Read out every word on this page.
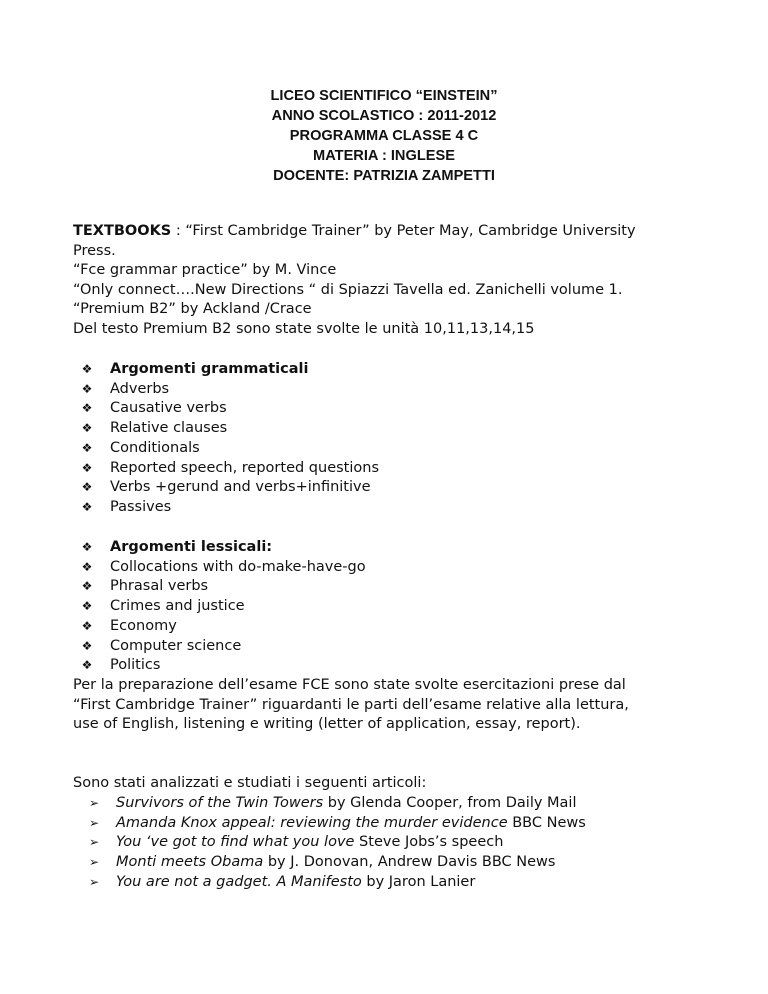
LICEO SCIENTIFICO “EINSTEIN”
ANNO SCOLASTICO : 2011-2012
PROGRAMMA CLASSE 4 C
MATERIA : INGLESE
DOCENTE: PATRIZIA ZAMPETTI

TEXTBOOKS : “First Cambridge Trainer” by Peter May, Cambridge University

Press.

“Fce grammar practice” by M. Vince

“Only connect….New Directions “ di Spiazzi Tavella ed. Zanichelli volume 1.

“Premium B2” by Ackland /Crace

Del testo Premium B2 sono state svolte le unità 10,11,13,14,15

❖ Argomenti grammaticali
❖ Adverbs
❖ Causative verbs
❖ Relative clauses
❖ Conditionals
❖ Reported speech, reported questions
❖ Verbs +gerund and verbs+infinitive
❖ Passives
❖ Argomenti lessicali:
❖ Collocations with do-make-have-go
❖ Phrasal verbs
❖ Crimes and justice
❖ Economy
❖ Computer science
❖ Politics

Per la preparazione dell’esame FCE sono state svolte esercitazioni prese dal

“First Cambridge Trainer” riguardanti le parti dell’esame relative alla lettura,

use of English, listening e writing (letter of application, essay, report).

Sono stati analizzati e studiati i seguenti articoli:

➢ Survivors of the Twin Towers by Glenda Cooper, from Daily Mail
➢ Amanda Knox appeal: reviewing the murder evidence BBC News
➢ You ‘ve got to find what you love Steve Jobs’s speech
➢ Monti meets Obama by J. Donovan, Andrew Davis BBC News
➢ You are not a gadget. A Manifesto by Jaron Lanier
